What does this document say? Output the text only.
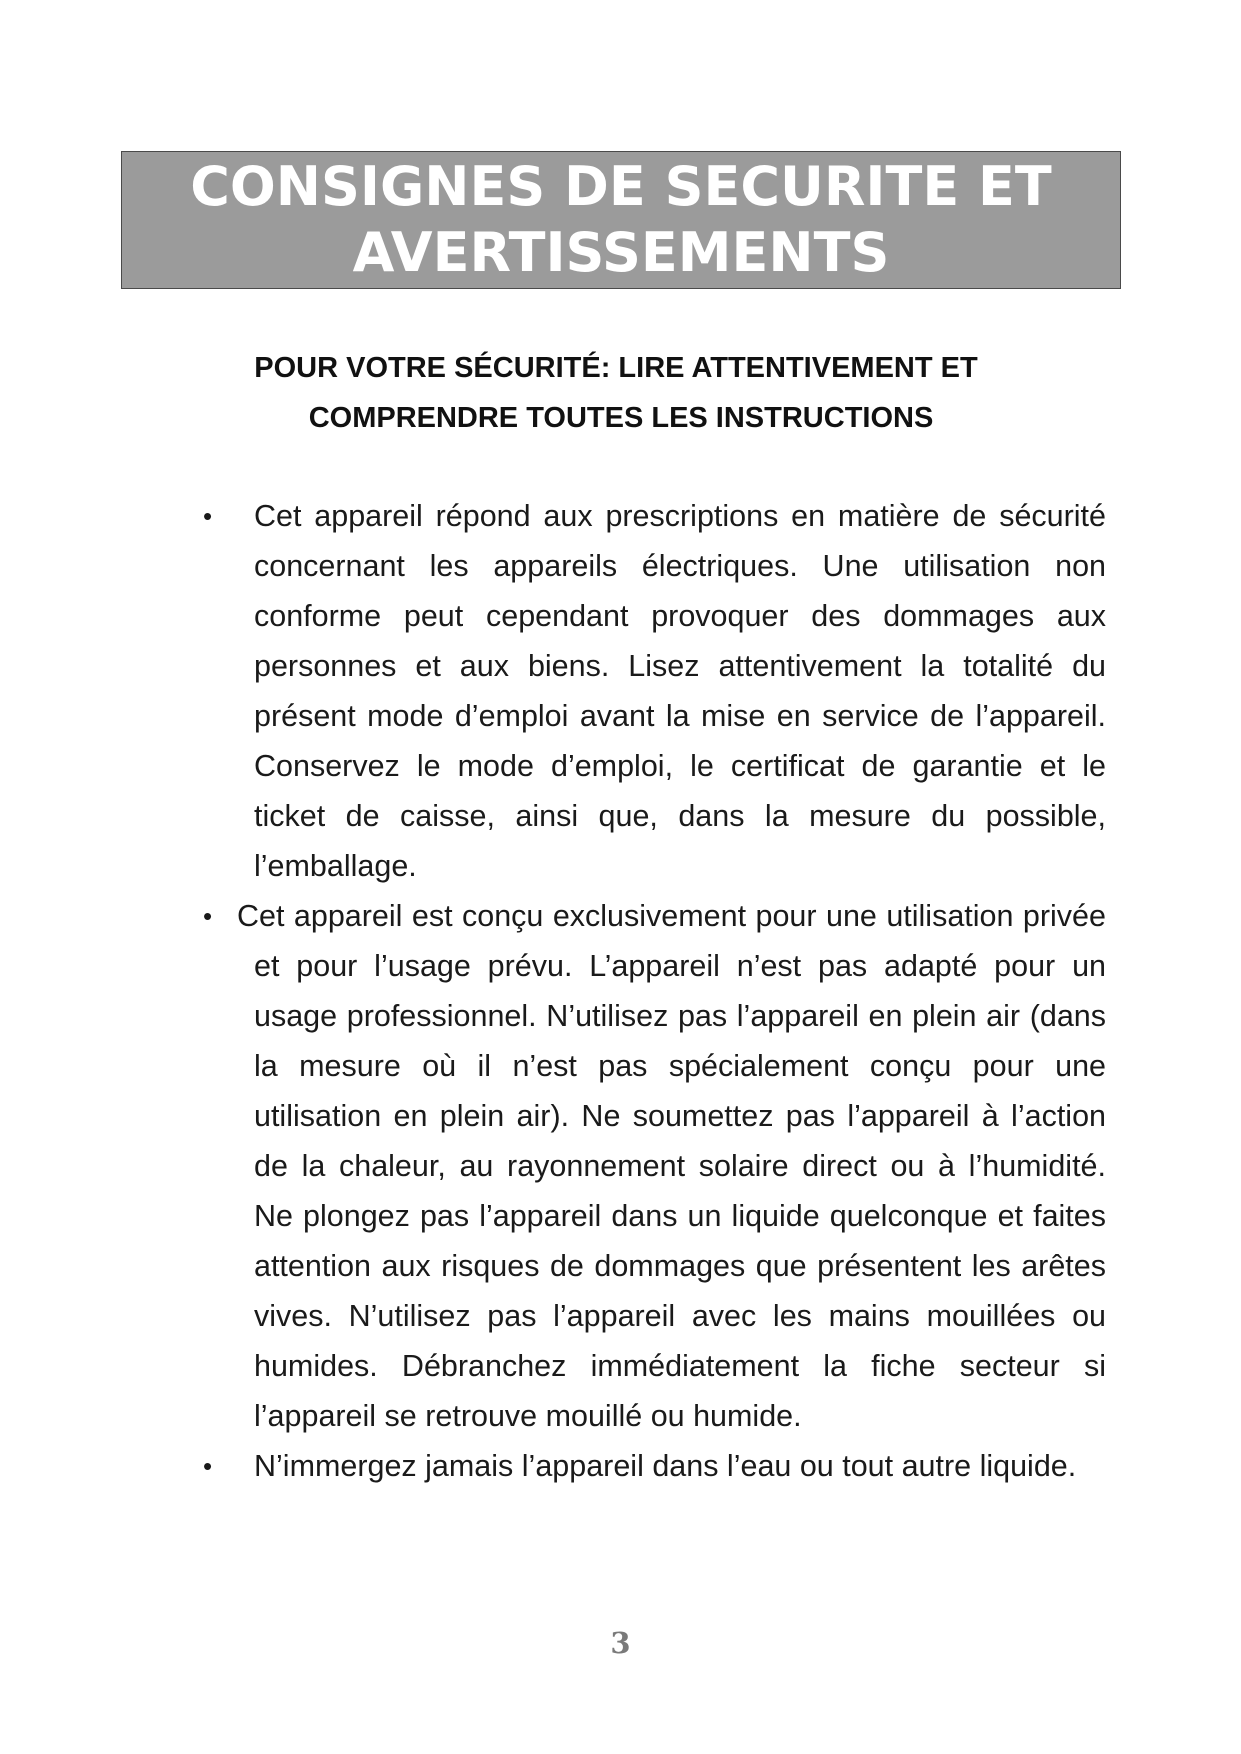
CONSIGNES DE SECURITE ET
AVERTISSEMENTS
POUR VOTRE SÉCURITÉ: LIRE ATTENTIVEMENT ET
COMPRENDRE TOUTES LES INSTRUCTIONS
• Cet appareil répond aux prescriptions en matière de sécurité concernant les appareils électriques. Une utilisation non conforme peut cependant provoquer des dommages aux personnes et aux biens. Lisez attentivement la totalité du présent mode d’emploi avant la mise en service de l’appareil. Conservez le mode d’emploi, le certificat de garantie et le ticket de caisse, ainsi que, dans la mesure du possible, l’emballage.
• Cet appareil est conçu exclusivement pour une utilisation privée et pour l’usage prévu. L’appareil n’est pas adapté pour un usage professionnel. N’utilisez pas l’appareil en plein air (dans la mesure où il n’est pas spécialement conçu pour une utilisation en plein air). Ne soumettez pas l’appareil à l’action de la chaleur, au rayonnement solaire direct ou à l’humidité. Ne plongez pas l’appareil dans un liquide quelconque et faites attention aux risques de dommages que présentent les arêtes vives. N’utilisez pas l’appareil avec les mains mouillées ou humides. Débranchez immédiatement la fiche secteur si l’appareil se retrouve mouillé ou humide.
• N’immergez jamais l’appareil dans l’eau ou tout autre liquide.
3
